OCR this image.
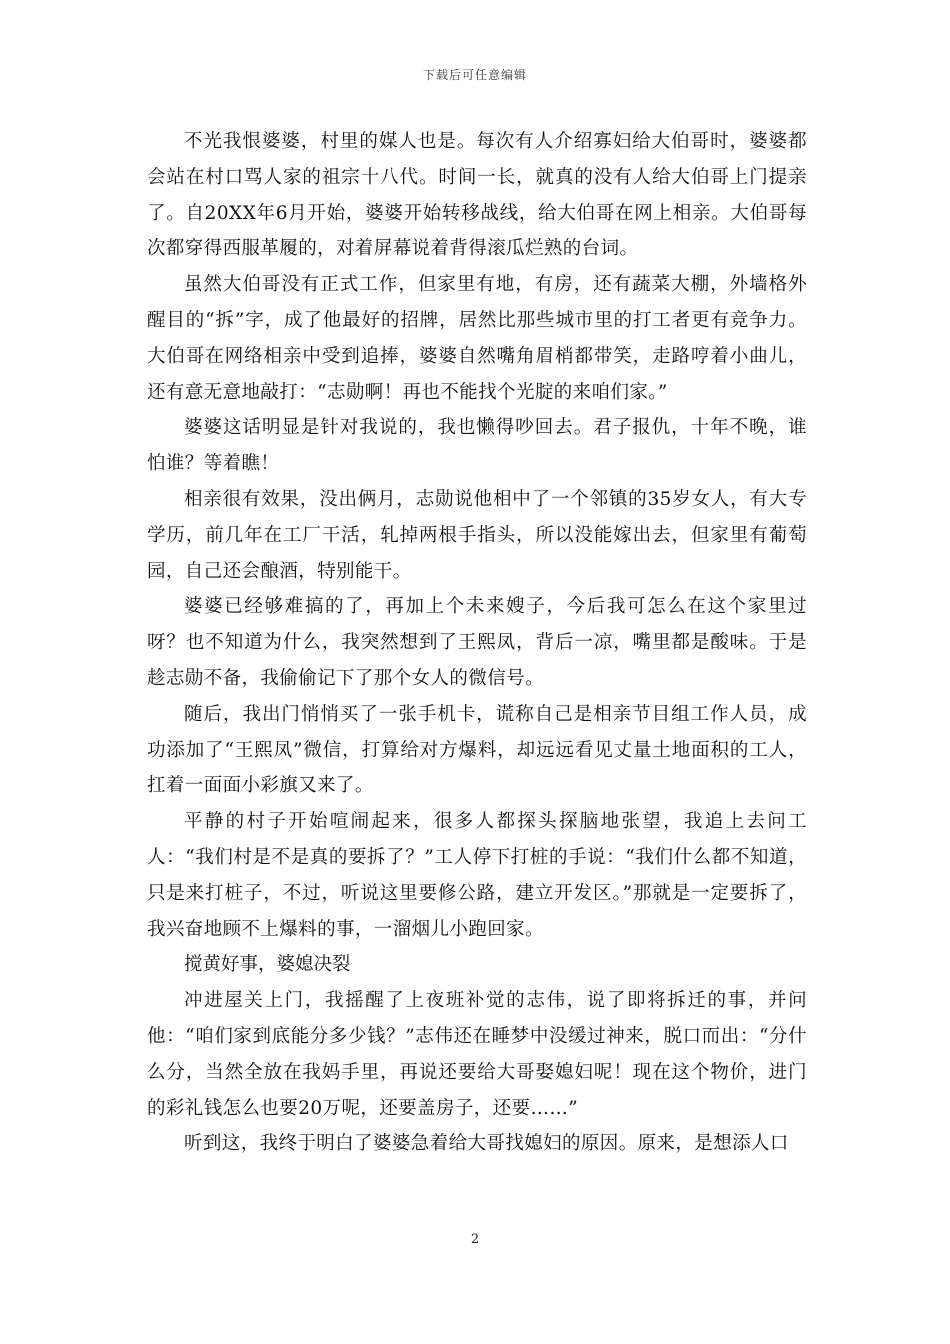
下载后可任意编辑

不光我恨婆婆，村里的媒人也是。每次有人介绍寡妇给大伯哥时，婆婆都会站在村口骂人家的祖宗十八代。时间一长，就真的没有人给大伯哥上门提亲了。自20XX年6月开始，婆婆开始转移战线，给大伯哥在网上相亲。大伯哥每次都穿得西服革履的，对着屏幕说着背得滚瓜烂熟的台词。

虽然大伯哥没有正式工作，但家里有地，有房，还有蔬菜大棚，外墙格外醒目的“拆”字，成了他最好的招牌，居然比那些城市里的打工者更有竞争力。大伯哥在网络相亲中受到追捧，婆婆自然嘴角眉梢都带笑，走路哼着小曲儿，还有意无意地敲打：“志勋啊！再也不能找个光腚的来咱们家。”

婆婆这话明显是针对我说的，我也懒得吵回去。君子报仇，十年不晚，谁怕谁？等着瞧！

相亲很有效果，没出俩月，志勋说他相中了一个邻镇的35岁女人，有大专学历，前几年在工厂干活，轧掉两根手指头，所以没能嫁出去，但家里有葡萄园，自己还会酿酒，特别能干。

婆婆已经够难搞的了，再加上个未来嫂子，今后我可怎么在这个家里过呀？也不知道为什么，我突然想到了王熙凤，背后一凉，嘴里都是酸味。于是趁志勋不备，我偷偷记下了那个女人的微信号。

随后，我出门悄悄买了一张手机卡，谎称自己是相亲节目组工作人员，成功添加了“王熙凤”微信，打算给对方爆料，却远远看见丈量土地面积的工人，扛着一面面小彩旗又来了。

平静的村子开始喧闹起来，很多人都探头探脑地张望，我追上去问工人：“我们村是不是真的要拆了？”工人停下打桩的手说：“我们什么都不知道，只是来打桩子，不过，听说这里要修公路，建立开发区。”那就是一定要拆了，我兴奋地顾不上爆料的事，一溜烟儿小跑回家。

搅黄好事，婆媳决裂

冲进屋关上门，我摇醒了上夜班补觉的志伟，说了即将拆迁的事，并问他：“咱们家到底能分多少钱？”志伟还在睡梦中没缓过神来，脱口而出：“分什么分，当然全放在我妈手里，再说还要给大哥娶媳妇呢！现在这个物价，进门的彩礼钱怎么也要20万呢，还要盖房子，还要……”

听到这，我终于明白了婆婆急着给大哥找媳妇的原因。原来，是想添人口

2
